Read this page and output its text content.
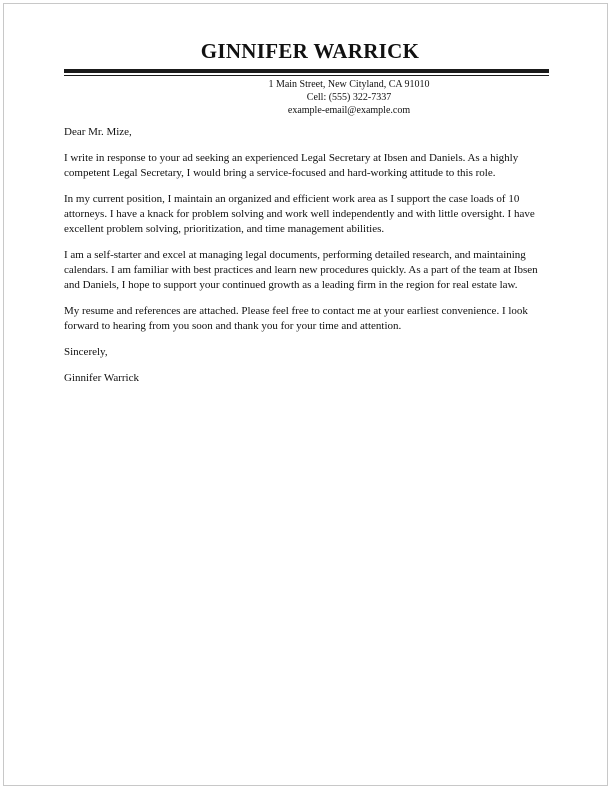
GINNIFER WARRICK
1 Main Street, New Cityland, CA 91010
Cell: (555) 322-7337
example-email@example.com

Dear Mr. Mize,

I write in response to your ad seeking an experienced Legal Secretary at Ibsen and Daniels. As a highly competent Legal Secretary, I would bring a service-focused and hard-working attitude to this role.

In my current position, I maintain an organized and efficient work area as I support the case loads of 10 attorneys. I have a knack for problem solving and work well independently and with little oversight. I have excellent problem solving, prioritization, and time management abilities.

I am a self-starter and excel at managing legal documents, performing detailed research, and maintaining calendars. I am familiar with best practices and learn new procedures quickly. As a part of the team at Ibsen and Daniels, I hope to support your continued growth as a leading firm in the region for real estate law.

My resume and references are attached. Please feel free to contact me at your earliest convenience. I look forward to hearing from you soon and thank you for your time and attention.

Sincerely,

Ginnifer Warrick
